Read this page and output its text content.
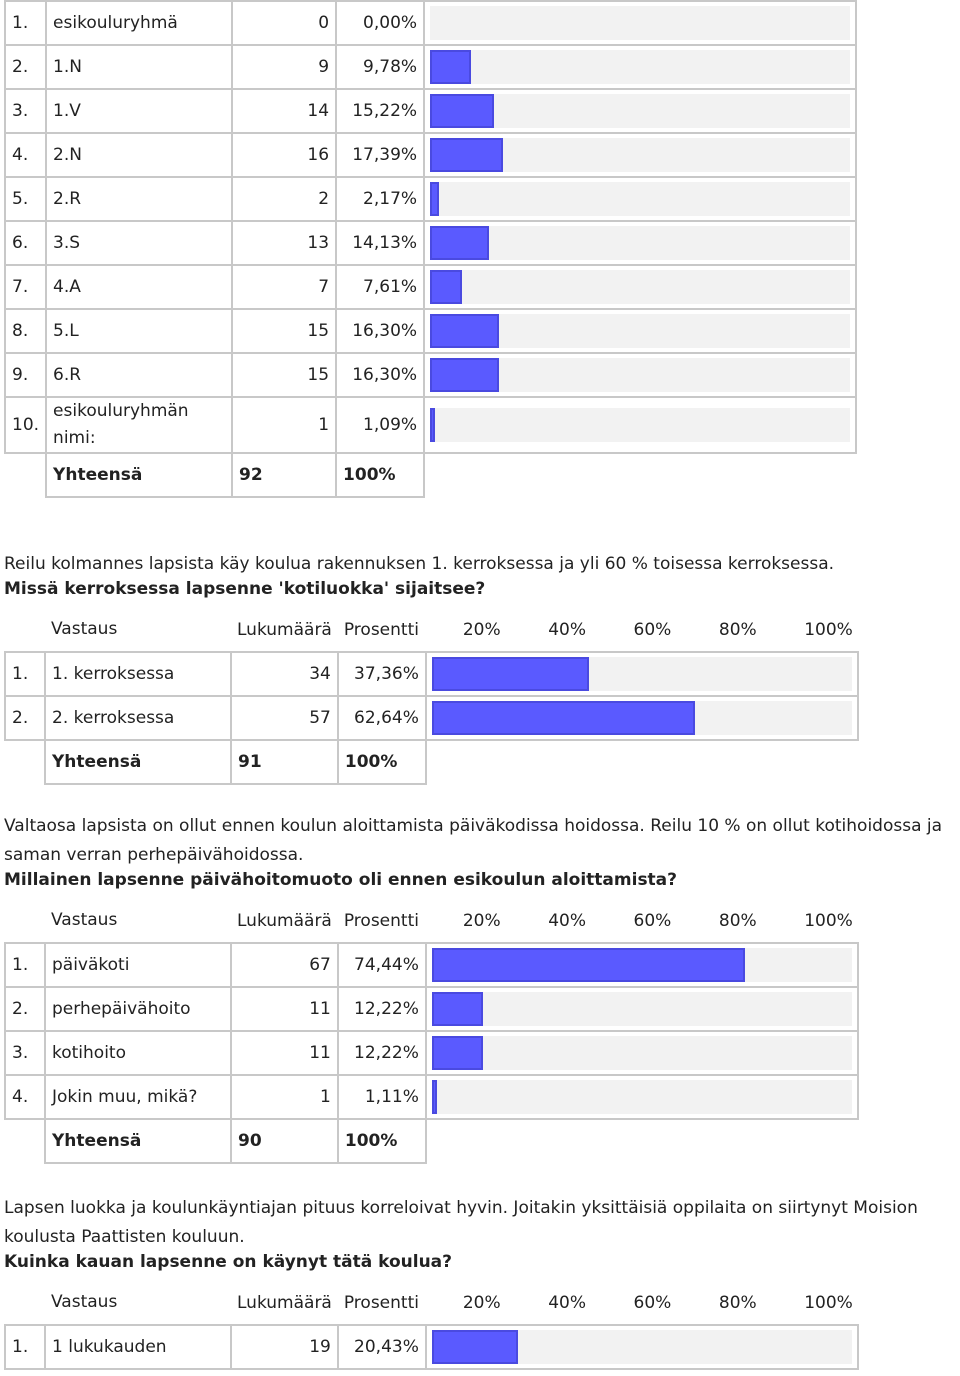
1.	esikouluryhmä	0	0,00%	

2.	1.N	9	9,78%	

3.	1.V	14	15,22%	

4.	2.N	16	17,39%	

5.	2.R	2	2,17%	

6.	3.S	13	14,13%	

7.	4.A	7	7,61%	

8.	5.L	15	16,30%	

9.	6.R	15	16,30%	

10.	esikouluryhmän nimi:	1	1,09%	

	Yhteensä	92	100%	
Reilu kolmannes lapsista käy koulua rakennuksen 1. kerroksessa ja yli 60 % toisessa kerroksessa.
Missä kerroksessa lapsenne 'kotiluokka' sijaitsee?
	Vastaus	Lukumäärä	Prosentti	20% 40% 60% 80% 100%

1.	1. kerroksessa	34	37,36%	

2.	2. kerroksessa	57	62,64%	

	Yhteensä	91	100%	
Valtaosa lapsista on ollut ennen koulun aloittamista päiväkodissa hoidossa. Reilu 10 % on ollut kotihoidossa ja saman verran perhepäivähoidossa.
Millainen lapsenne päivähoitomuoto oli ennen esikoulun aloittamista?
	Vastaus	Lukumäärä	Prosentti	20% 40% 60% 80% 100%

1.	päiväkoti	67	74,44%	

2.	perhepäivähoito	11	12,22%	

3.	kotihoito	11	12,22%	

4.	Jokin muu, mikä?	1	1,11%	

	Yhteensä	90	100%	
Lapsen luokka ja koulunkäyntiajan pituus korreloivat hyvin. Joitakin yksittäisiä oppilaita on siirtynyt Moision koulusta Paattisten kouluun.
Kuinka kauan lapsenne on käynyt tätä koulua?
	Vastaus	Lukumäärä	Prosentti	20% 40% 60% 80% 100%

1.	1 lukukauden	19	20,43%	
